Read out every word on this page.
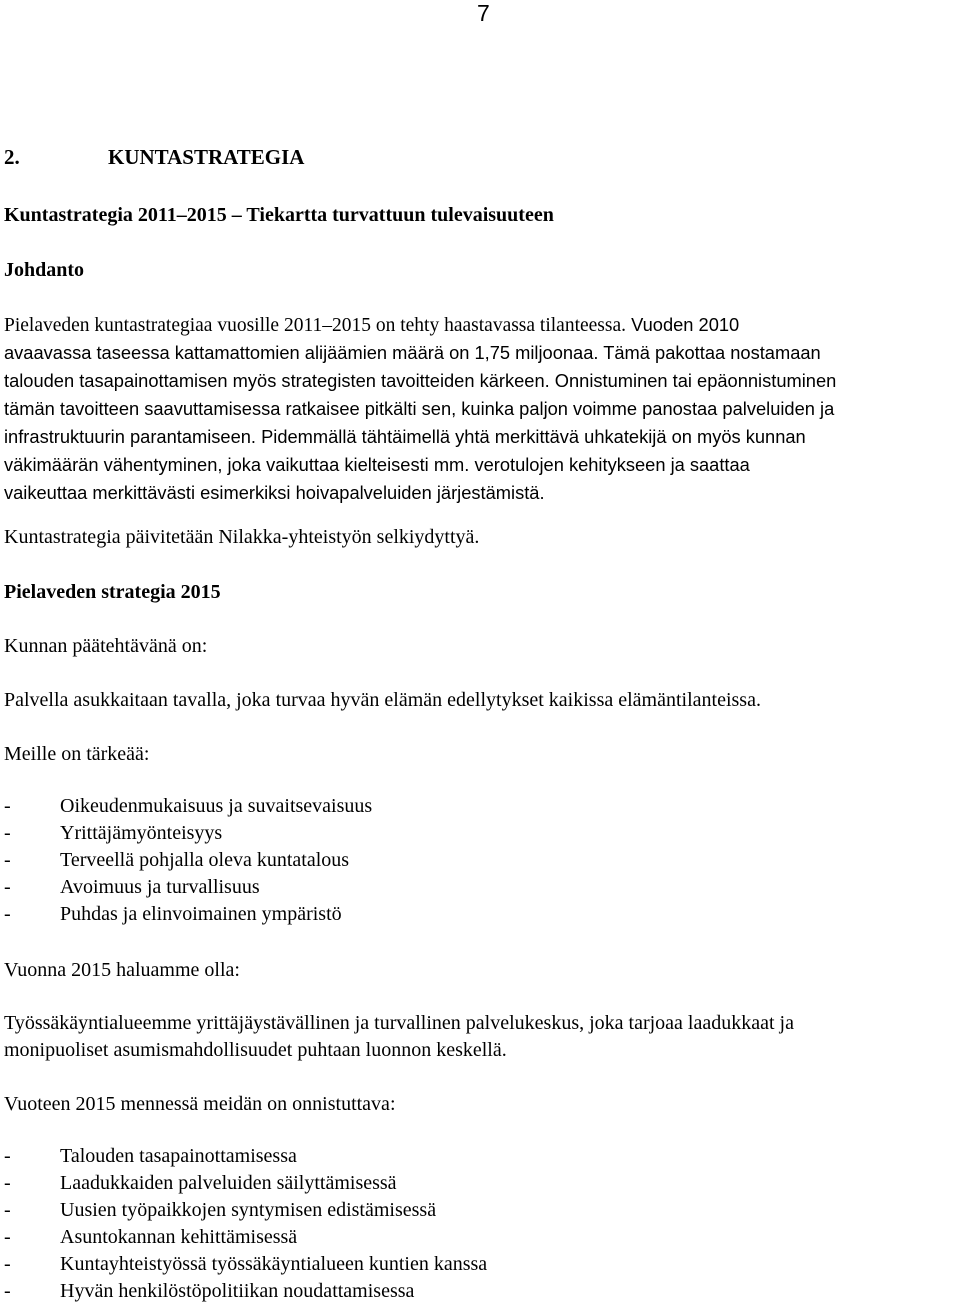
7
2.	KUNTASTRATEGIA
Kuntastrategia 2011–2015 – Tiekartta turvattuun tulevaisuuteen
Johdanto
Pielaveden kuntastrategiaa vuosille 2011–2015 on tehty haastavassa tilanteessa. Vuoden 2010
avaavassa taseessa kattamattomien alijäämien määrä on 1,75 miljoonaa. Tämä pakottaa nostamaan
talouden tasapainottamisen myös strategisten tavoitteiden kärkeen. Onnistuminen tai epäonnistuminen
tämän tavoitteen saavuttamisessa ratkaisee pitkälti sen, kuinka paljon voimme panostaa palveluiden ja
infrastruktuurin parantamiseen. Pidemmällä tähtäimellä yhtä merkittävä uhkatekijä on myös kunnan
väkimäärän vähentyminen, joka vaikuttaa kielteisesti mm. verotulojen kehitykseen ja saattaa
vaikeuttaa merkittävästi esimerkiksi hoivapalveluiden järjestämistä.
Kuntastrategia päivitetään Nilakka-yhteistyön selkiydyttyä.
Pielaveden strategia 2015
Kunnan päätehtävänä on:
Palvella asukkaitaan tavalla, joka turvaa hyvän elämän edellytykset kaikissa elämäntilanteissa.
Meille on tärkeää:
- Oikeudenmukaisuus ja suvaitsevaisuus
- Yrittäjämyönteisyys
- Terveellä pohjalla oleva kuntatalous
- Avoimuus ja turvallisuus
- Puhdas ja elinvoimainen ympäristö
Vuonna 2015 haluamme olla:
Työssäkäyntialueemme yrittäjäystävällinen ja turvallinen palvelukeskus, joka tarjoaa laadukkaat ja
monipuoliset asumismahdollisuudet puhtaan luonnon keskellä.
Vuoteen 2015 mennessä meidän on onnistuttava:
- Talouden tasapainottamisessa
- Laadukkaiden palveluiden säilyttämisessä
- Uusien työpaikkojen syntymisen edistämisessä
- Asuntokannan kehittämisessä
- Kuntayhteistyössä työssäkäyntialueen kuntien kanssa
- Hyvän henkilöstöpolitiikan noudattamisessa
